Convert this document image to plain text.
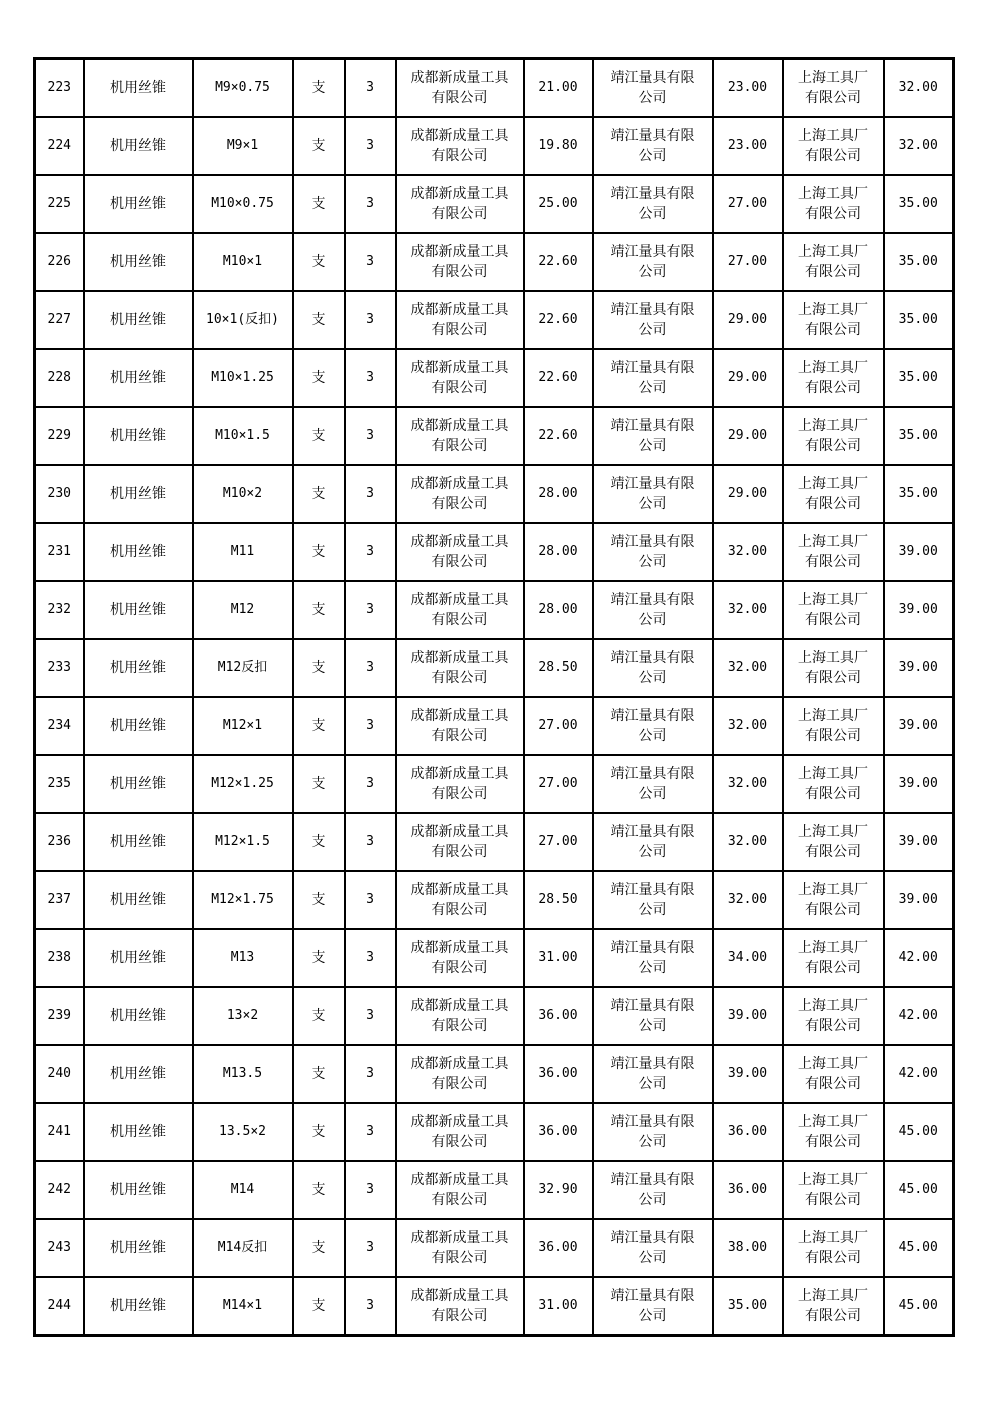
223	机用丝锥	M9×0.75	支	3	成都新成量工具
有限公司	21.00	靖江量具有限
公司	23.00	上海工具厂
有限公司	32.00
224	机用丝锥	M9×1	支	3	成都新成量工具
有限公司	19.80	靖江量具有限
公司	23.00	上海工具厂
有限公司	32.00
225	机用丝锥	M10×0.75	支	3	成都新成量工具
有限公司	25.00	靖江量具有限
公司	27.00	上海工具厂
有限公司	35.00
226	机用丝锥	M10×1	支	3	成都新成量工具
有限公司	22.60	靖江量具有限
公司	27.00	上海工具厂
有限公司	35.00
227	机用丝锥	10×1(反扣)	支	3	成都新成量工具
有限公司	22.60	靖江量具有限
公司	29.00	上海工具厂
有限公司	35.00
228	机用丝锥	M10×1.25	支	3	成都新成量工具
有限公司	22.60	靖江量具有限
公司	29.00	上海工具厂
有限公司	35.00
229	机用丝锥	M10×1.5	支	3	成都新成量工具
有限公司	22.60	靖江量具有限
公司	29.00	上海工具厂
有限公司	35.00
230	机用丝锥	M10×2	支	3	成都新成量工具
有限公司	28.00	靖江量具有限
公司	29.00	上海工具厂
有限公司	35.00
231	机用丝锥	M11	支	3	成都新成量工具
有限公司	28.00	靖江量具有限
公司	32.00	上海工具厂
有限公司	39.00
232	机用丝锥	M12	支	3	成都新成量工具
有限公司	28.00	靖江量具有限
公司	32.00	上海工具厂
有限公司	39.00
233	机用丝锥	M12反扣	支	3	成都新成量工具
有限公司	28.50	靖江量具有限
公司	32.00	上海工具厂
有限公司	39.00
234	机用丝锥	M12×1	支	3	成都新成量工具
有限公司	27.00	靖江量具有限
公司	32.00	上海工具厂
有限公司	39.00
235	机用丝锥	M12×1.25	支	3	成都新成量工具
有限公司	27.00	靖江量具有限
公司	32.00	上海工具厂
有限公司	39.00
236	机用丝锥	M12×1.5	支	3	成都新成量工具
有限公司	27.00	靖江量具有限
公司	32.00	上海工具厂
有限公司	39.00
237	机用丝锥	M12×1.75	支	3	成都新成量工具
有限公司	28.50	靖江量具有限
公司	32.00	上海工具厂
有限公司	39.00
238	机用丝锥	M13	支	3	成都新成量工具
有限公司	31.00	靖江量具有限
公司	34.00	上海工具厂
有限公司	42.00
239	机用丝锥	13×2	支	3	成都新成量工具
有限公司	36.00	靖江量具有限
公司	39.00	上海工具厂
有限公司	42.00
240	机用丝锥	M13.5	支	3	成都新成量工具
有限公司	36.00	靖江量具有限
公司	39.00	上海工具厂
有限公司	42.00
241	机用丝锥	13.5×2	支	3	成都新成量工具
有限公司	36.00	靖江量具有限
公司	36.00	上海工具厂
有限公司	45.00
242	机用丝锥	M14	支	3	成都新成量工具
有限公司	32.90	靖江量具有限
公司	36.00	上海工具厂
有限公司	45.00
243	机用丝锥	M14反扣	支	3	成都新成量工具
有限公司	36.00	靖江量具有限
公司	38.00	上海工具厂
有限公司	45.00
244	机用丝锥	M14×1	支	3	成都新成量工具
有限公司	31.00	靖江量具有限
公司	35.00	上海工具厂
有限公司	45.00
